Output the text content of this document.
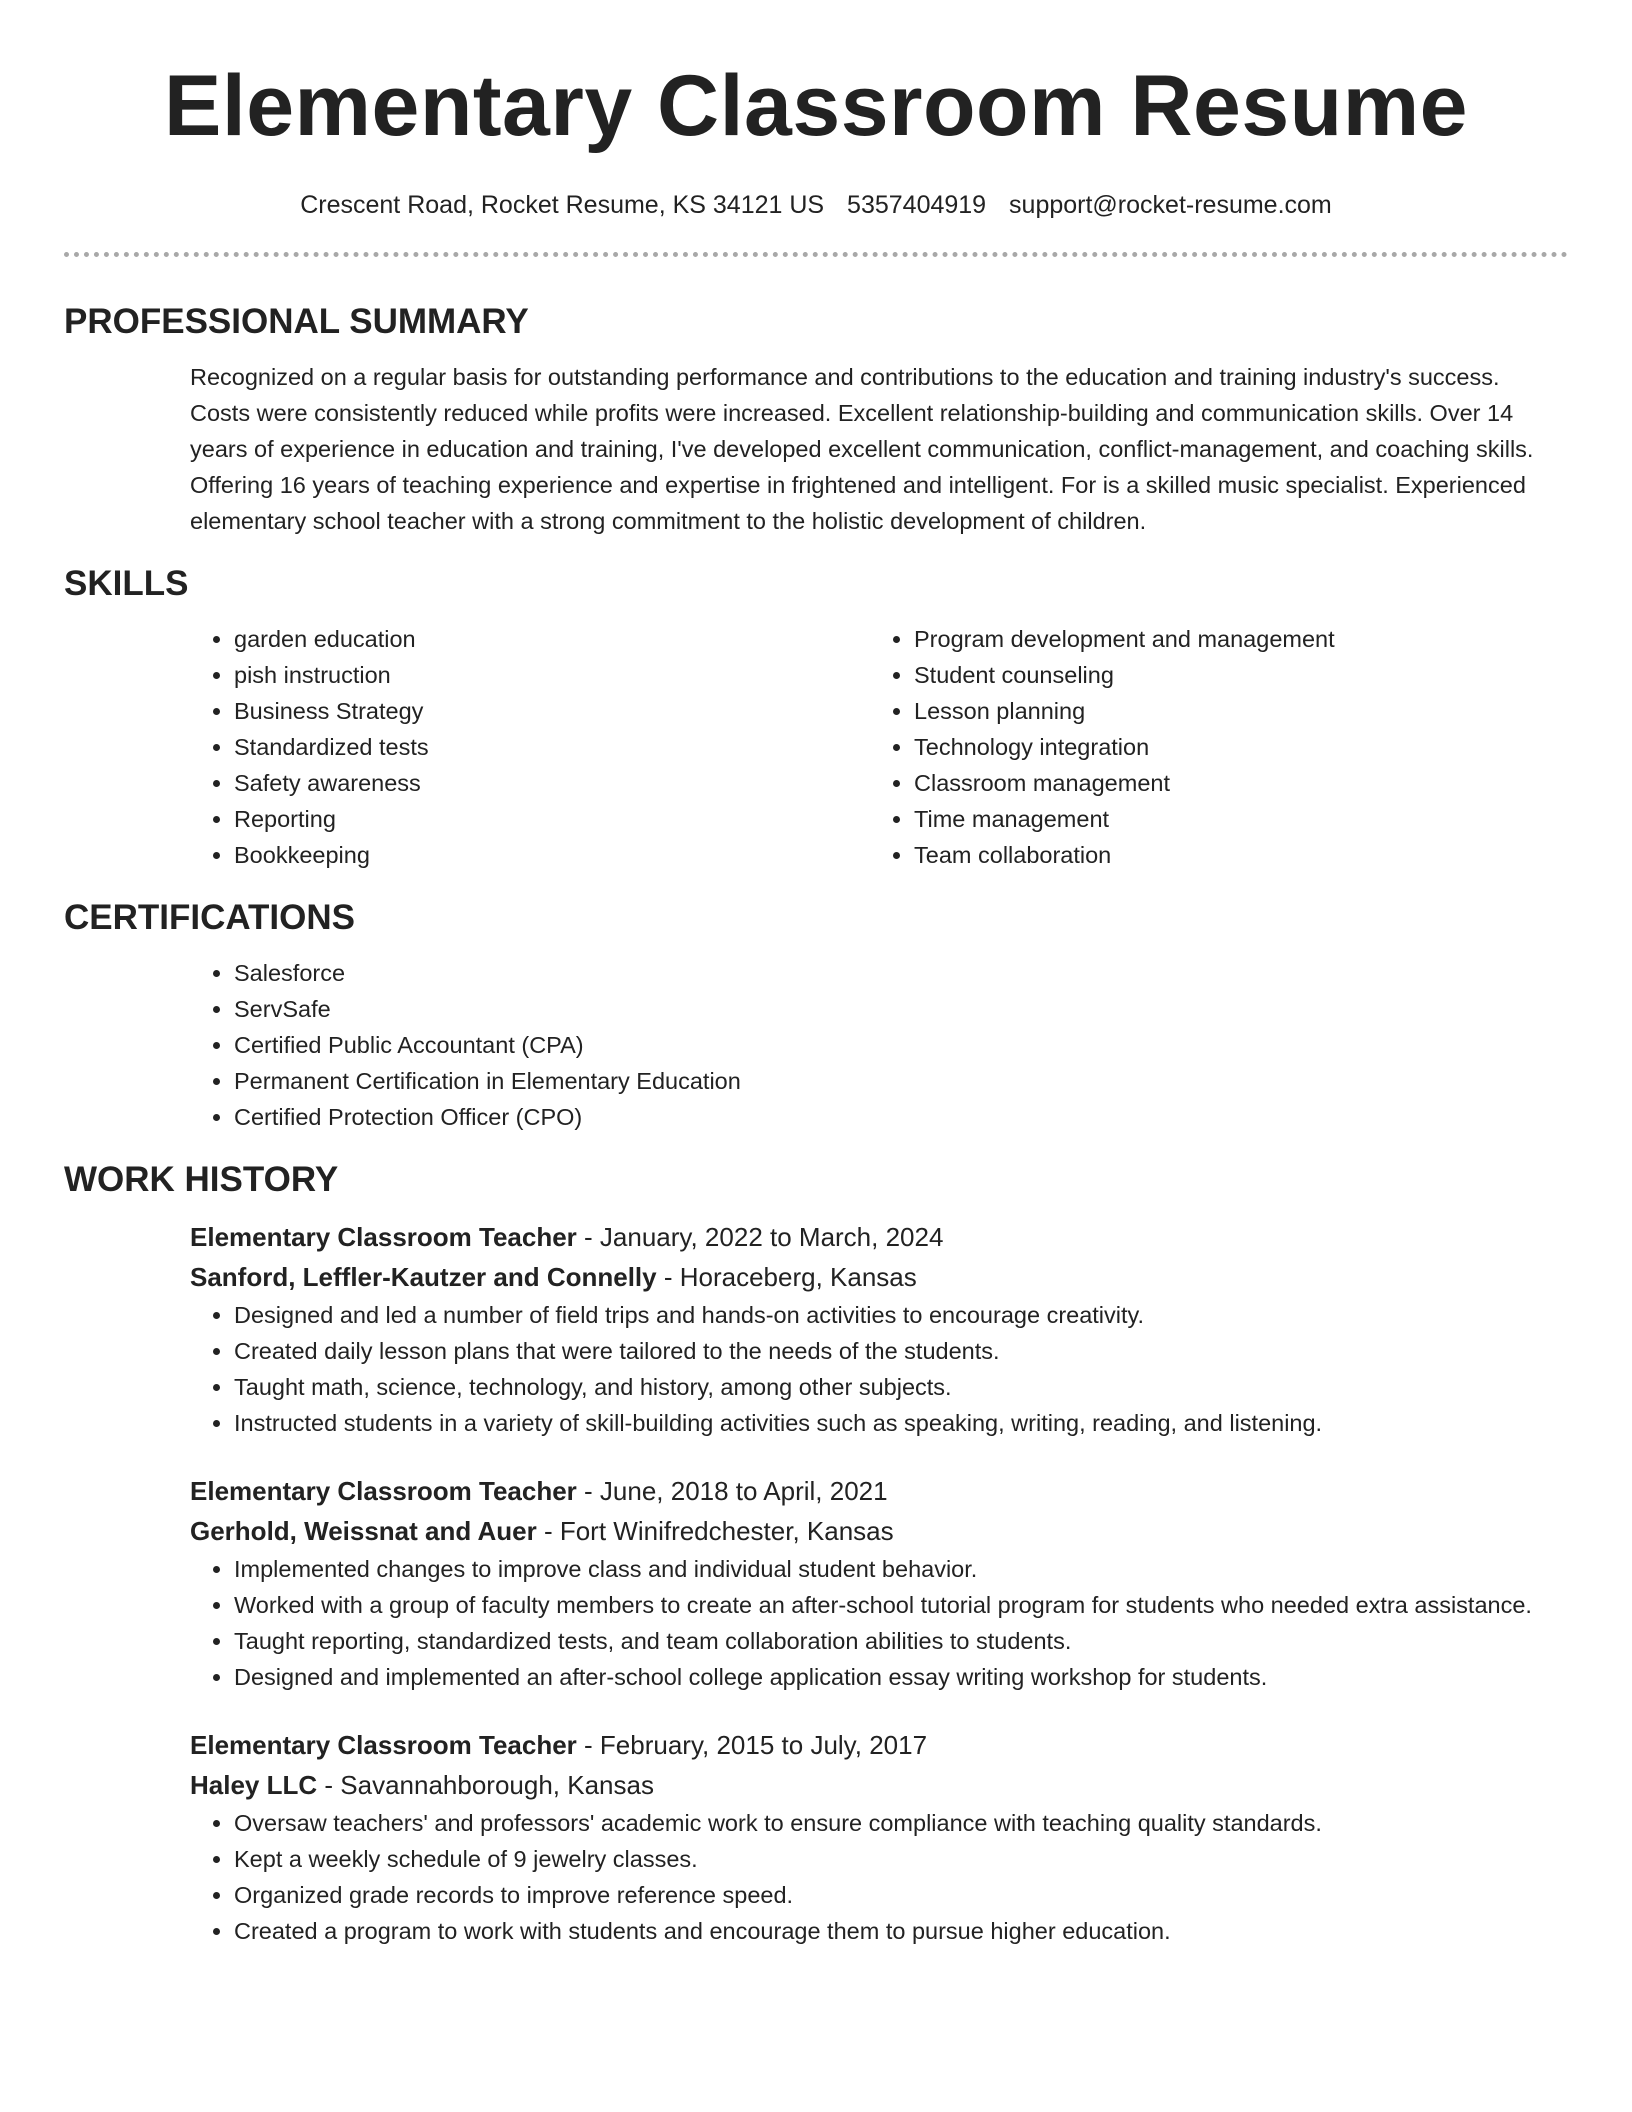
Elementary Classroom Resume
Crescent Road, Rocket Resume, KS 34121 US 5357404919 support@rocket-resume.com
PROFESSIONAL SUMMARY
Recognized on a regular basis for outstanding performance and contributions to the education and training industry's success. Costs were consistently reduced while profits were increased. Excellent relationship-building and communication skills. Over 14 years of experience in education and training, I've developed excellent communication, conflict-management, and coaching skills. Offering 16 years of teaching experience and expertise in frightened and intelligent. For is a skilled music specialist. Experienced elementary school teacher with a strong commitment to the holistic development of children.
SKILLS
• garden education
• pish instruction
• Business Strategy
• Standardized tests
• Safety awareness
• Reporting
• Bookkeeping
• Program development and management
• Student counseling
• Lesson planning
• Technology integration
• Classroom management
• Time management
• Team collaboration
CERTIFICATIONS
• Salesforce
• ServSafe
• Certified Public Accountant (CPA)
• Permanent Certification in Elementary Education
• Certified Protection Officer (CPO)
WORK HISTORY
Elementary Classroom Teacher - January, 2022 to March, 2024
Sanford, Leffler-Kautzer and Connelly - Horaceberg, Kansas
• Designed and led a number of field trips and hands-on activities to encourage creativity.
• Created daily lesson plans that were tailored to the needs of the students.
• Taught math, science, technology, and history, among other subjects.
• Instructed students in a variety of skill-building activities such as speaking, writing, reading, and listening.
Elementary Classroom Teacher - June, 2018 to April, 2021
Gerhold, Weissnat and Auer - Fort Winifredchester, Kansas
• Implemented changes to improve class and individual student behavior.
• Worked with a group of faculty members to create an after-school tutorial program for students who needed extra assistance.
• Taught reporting, standardized tests, and team collaboration abilities to students.
• Designed and implemented an after-school college application essay writing workshop for students.
Elementary Classroom Teacher - February, 2015 to July, 2017
Haley LLC - Savannahborough, Kansas
• Oversaw teachers' and professors' academic work to ensure compliance with teaching quality standards.
• Kept a weekly schedule of 9 jewelry classes.
• Organized grade records to improve reference speed.
• Created a program to work with students and encourage them to pursue higher education.
